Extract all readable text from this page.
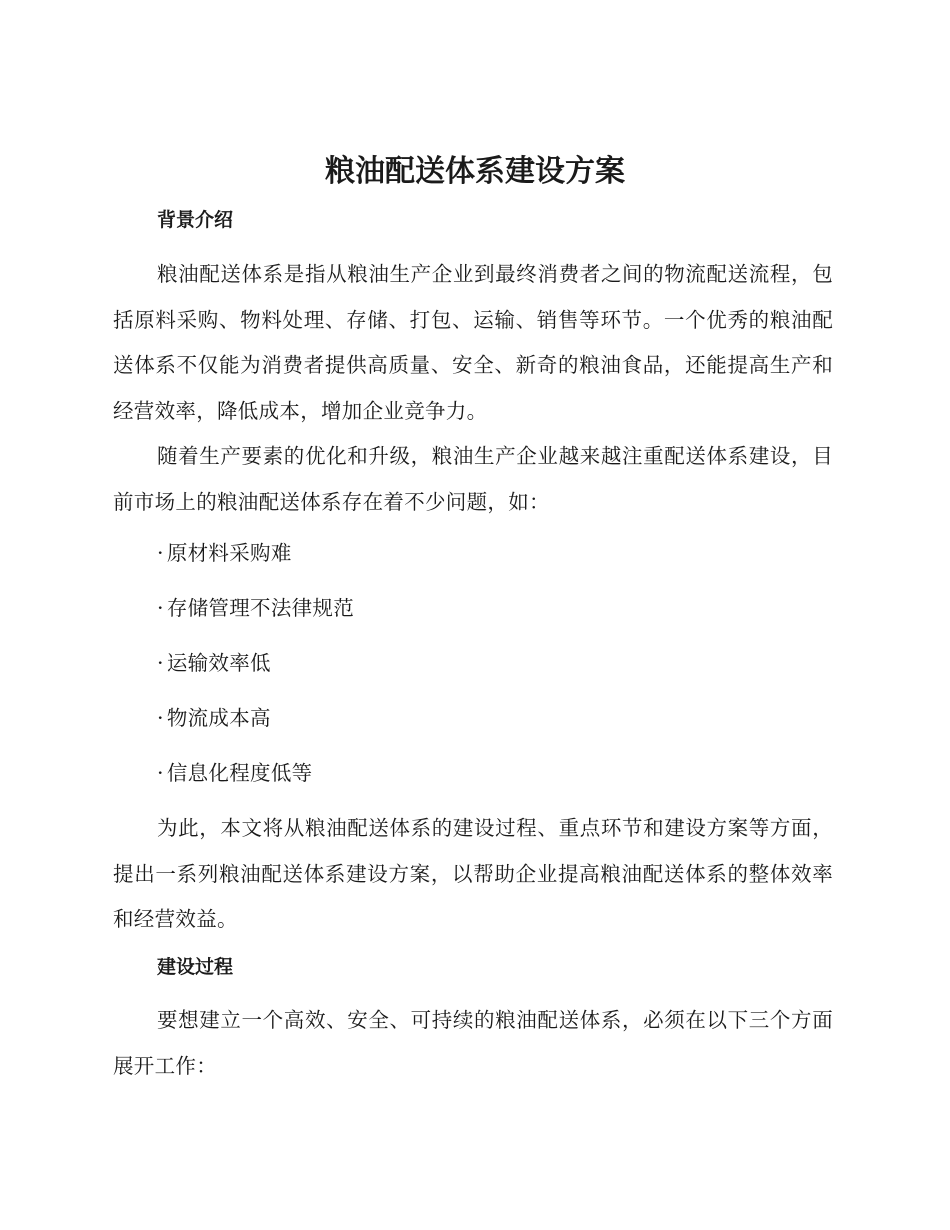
粮油配送体系建设方案
背景介绍

粮油配送体系是指从粮油生产企业到最终消费者之间的物流配送流程，包括原料采购、物料处理、存储、打包、运输、销售等环节。一个优秀的粮油配送体系不仅能为消费者提供高质量、安全、新奇的粮油食品，还能提高生产和经营效率，降低成本，增加企业竞争力。

随着生产要素的优化和升级，粮油生产企业越来越注重配送体系建设，目前市场上的粮油配送体系存在着不少问题，如：

· 原材料采购难
· 存储管理不法律规范
· 运输效率低
· 物流成本高
· 信息化程度低等

为此，本文将从粮油配送体系的建设过程、重点环节和建设方案等方面，提出一系列粮油配送体系建设方案，以帮助企业提高粮油配送体系的整体效率和经营效益。

建设过程

要想建立一个高效、安全、可持续的粮油配送体系，必须在以下三个方面展开工作：
